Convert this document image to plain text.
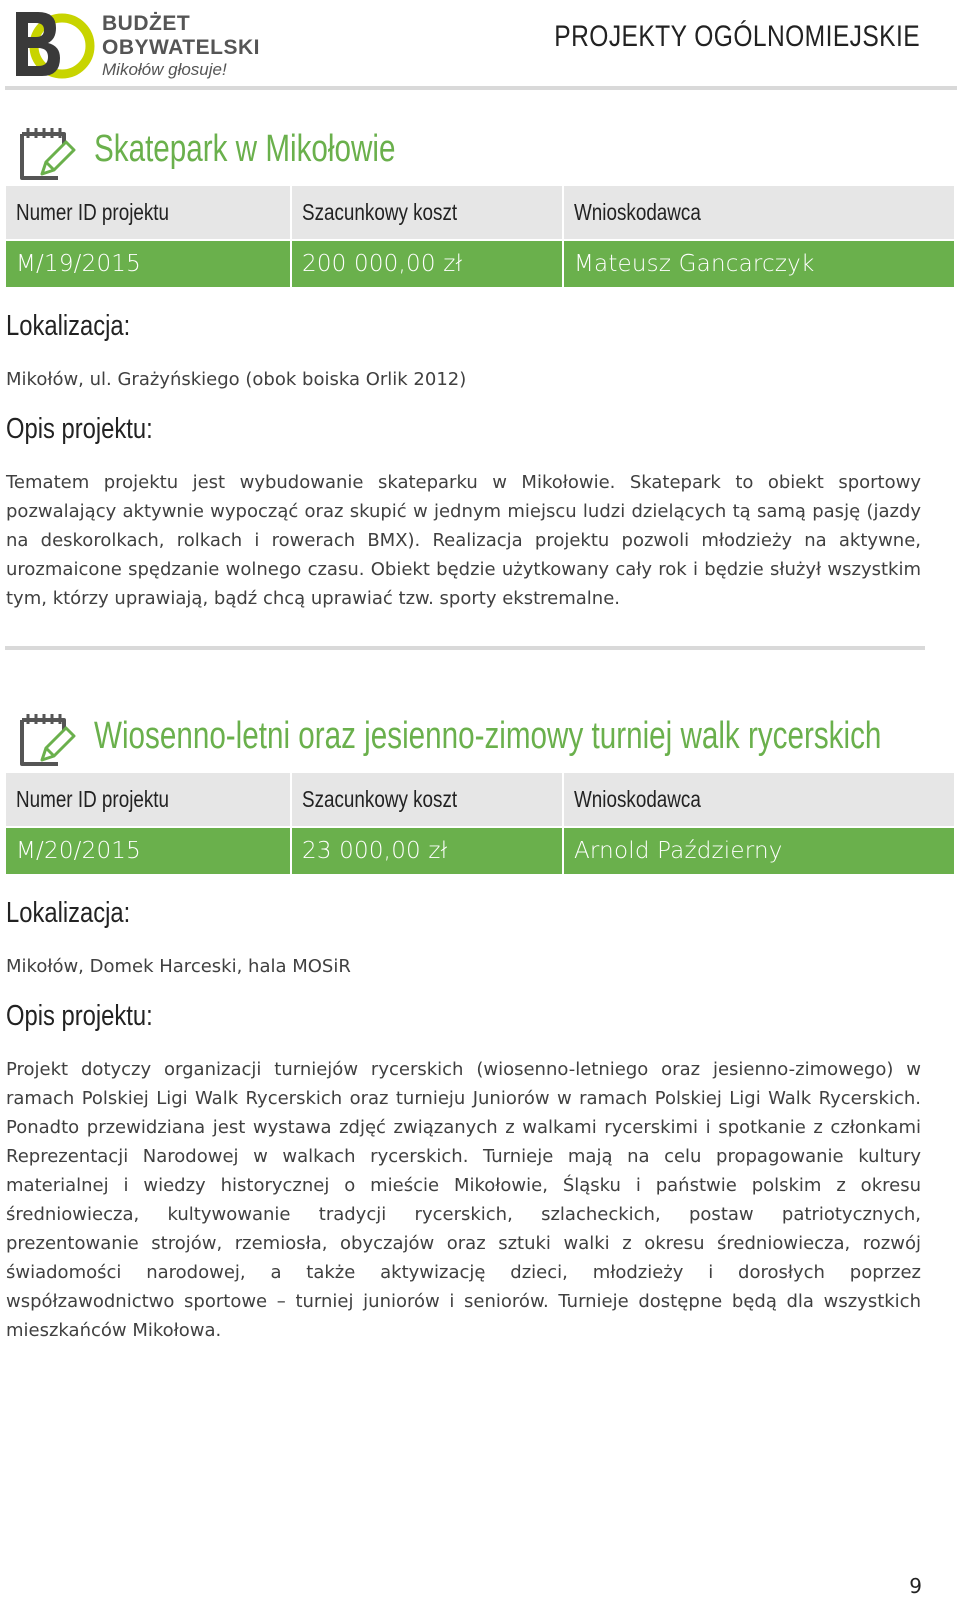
BUDŻET
OBYWATELSKI
Mikołów głosuje!
PROJEKTY OGÓLNOMIEJSKIE
Skatepark w Mikołowie
Numer ID projektu	Szacunkowy koszt	Wnioskodawca
M/19/2015	200 000,00 zł	Mateusz Gancarczyk
Lokalizacja:
Mikołów, ul. Grażyńskiego (obok boiska Orlik 2012)
Opis projektu:

Tematem projektu jest wybudowanie skateparku w Mikołowie. Skatepark to obiekt sportowy pozwalający aktywnie wypocząć oraz skupić w jednym miejscu ludzi dzielących tą samą pasję (jazdy na deskorolkach, rolkach i rowerach BMX). Realizacja projektu pozwoli młodzieży na aktywne, urozmaicone spędzanie wolnego czasu. Obiekt będzie użytkowany cały rok i będzie służył wszystkim tym, którzy uprawiają, bądź chcą uprawiać tzw. sporty ekstremalne.

Wiosenno-letni oraz jesienno-zimowy turniej walk rycerskich
Numer ID projektu	Szacunkowy koszt	Wnioskodawca
M/20/2015	23 000,00 zł	Arnold Październy
Lokalizacja:
Mikołów, Domek Harceski, hala MOSiR
Opis projektu:

Projekt dotyczy organizacji turniejów rycerskich (wiosenno-letniego oraz jesienno-zimowego) w ramach Polskiej Ligi Walk Rycerskich oraz turnieju Juniorów w ramach Polskiej Ligi Walk Rycerskich. Ponadto przewidziana jest wystawa zdjęć związanych z walkami rycerskimi i spotkanie z członkami Reprezentacji Narodowej w walkach rycerskich. Turnieje mają na celu propagowanie kultury materialnej i wiedzy historycznej o mieście Mikołowie, Śląsku i państwie polskim z okresu średniowiecza, kultywowanie tradycji rycerskich, szlacheckich, postaw patriotycznych, prezentowanie strojów, rzemiosła, obyczajów oraz sztuki walki z okresu średniowiecza, rozwój świadomości narodowej, a także aktywizację dzieci, młodzieży i dorosłych poprzez współzawodnictwo sportowe – turniej juniorów i seniorów. Turnieje dostępne będą dla wszystkich mieszkańców Mikołowa.

9
